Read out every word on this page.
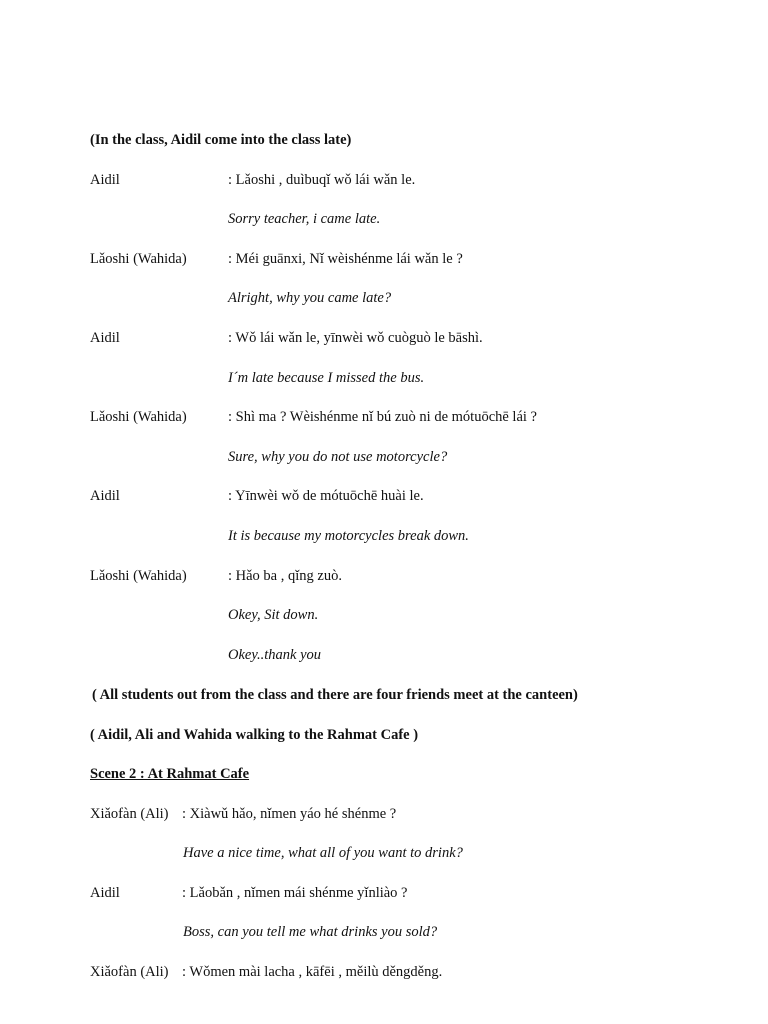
(In the class, Aidil come into the class late)
Aidil	: Lǎoshi , duìbuqǐ wǒ lái wǎn le.
Sorry teacher, i came late.
Lǎoshi (Wahida)	: Méi guānxi, Nǐ wèishénme lái wǎn le ?
Alright, why you came late?
Aidil	: Wǒ lái wǎn le, yīnwèi wǒ cuòguò le bāshì.
I´m late because I missed the bus.
Lǎoshi (Wahida)	: Shì ma ? Wèishénme nǐ bú zuò ni de mótuōchē lái ?
Sure, why you do not use motorcycle?
Aidil	: Yīnwèi wǒ de mótuōchē huài le.
It is because my motorcycles break down.
Lǎoshi (Wahida)	: Hǎo ba , qǐng zuò.
Okey, Sit down.
Okey..thank you
( All students out from the class and there are four friends meet at the canteen)
( Aidil, Ali and Wahida walking to the Rahmat Cafe )
Scene 2 : At Rahmat Cafe
Xiǎofàn (Ali) : Xiàwǔ hǎo, nǐmen yáo hé shénme ?
Have a nice time, what all of you want to drink?
Aidil	: Lǎobǎn , nǐmen mái shénme yǐnliào ?
Boss, can you tell me what drinks you sold?
Xiǎofàn (Ali) : Wǒmen mài lacha , kāfēi , měilù děngděng.
